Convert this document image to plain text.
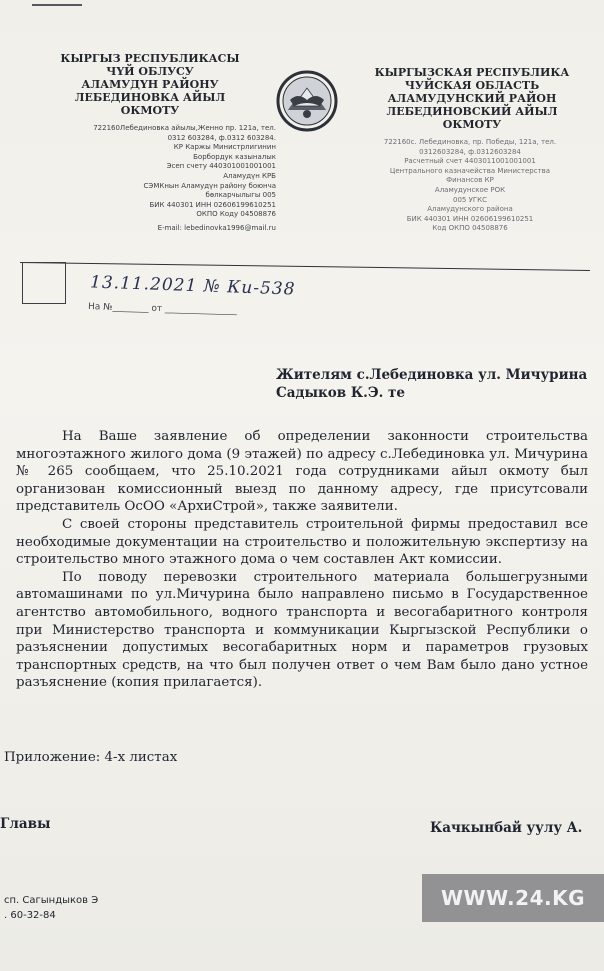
КЫРГЫЗ РЕСПУБЛИКАСЫ
ЧҮЙ ОБЛУСУ
АЛАМУДҮН РАЙОНУ
ЛЕБЕДИНОВКА АЙЫЛ ОКМОТУ
КЫРГЫЗСКАЯ РЕСПУБЛИКА
ЧУЙСКАЯ ОБЛАСТЬ
АЛАМУДУНСКИЙ РАЙОН
ЛЕБЕДИНОВСКИЙ АЙЫЛ ОКМОТУ
722160Лебединовка айылы,Женно пр. 121а, тел.
0312 603284, ф.0312 603284.
КР Каржы Министрлигинин
Борбордук казыналык
Эсеп счету 440301001001001
Аламудүн КРБ
СЭМКнын Аламудүн району боюнча
бөлкарчылыгы 005
БИК 440301 ИНН 02606199610251
ОКПО Коду 04508876
E-mail: lebedinovka1996@mail.ru
722160с. Лебединовка, пр. Победы, 121а, тел.
0312603284, ф.0312603284
Расчетный счет 4403011001001001
Центрального казначейства Министерства
Финансов КР
Аламудунское РОК
005 УГКС
Аламудунского района
БИК 440301 ИНН 02606199610251
Код ОКПО 04508876
13.11.2021 № Ки-538
На №________ от ________________
Жителям с.Лебединовка ул. Мичурина
Садыков К.Э. те

На Ваше заявление об определении законности строительства многоэтажного жилого дома (9 этажей) по адресу с.Лебединовка ул. Мичурина № 265 сообщаем, что 25.10.2021 года сотрудниками айыл окмоту был организован комиссионный выезд по данному адресу, где присутсовали представитель ОсОО «АрхиСтрой», также заявители.

С своей стороны представитель строительной фирмы предоставил все необходимые документации на строительство и положительную экспертизу на строительство много этажного дома о чем составлен Акт комиссии.

По поводу перевозки строительного материала большегрузными автомашинами по ул.Мичурина было направлено письмо в Государственное агентство автомобильного, водного транспорта и весогабаритного контроля при Министерство транспорта и коммуникации Кыргызской Республики о разъяснении допустимых весогабаритных норм и параметров грузовых транспортных средств, на что был получен ответ о чем Вам было дано устное разъяснение (копия прилагается).

Приложение: 4-х листах
Главы	Качкынбай уулу А.
сп. Сагындыков Э
. 60-32-84
WWW.24.KG
